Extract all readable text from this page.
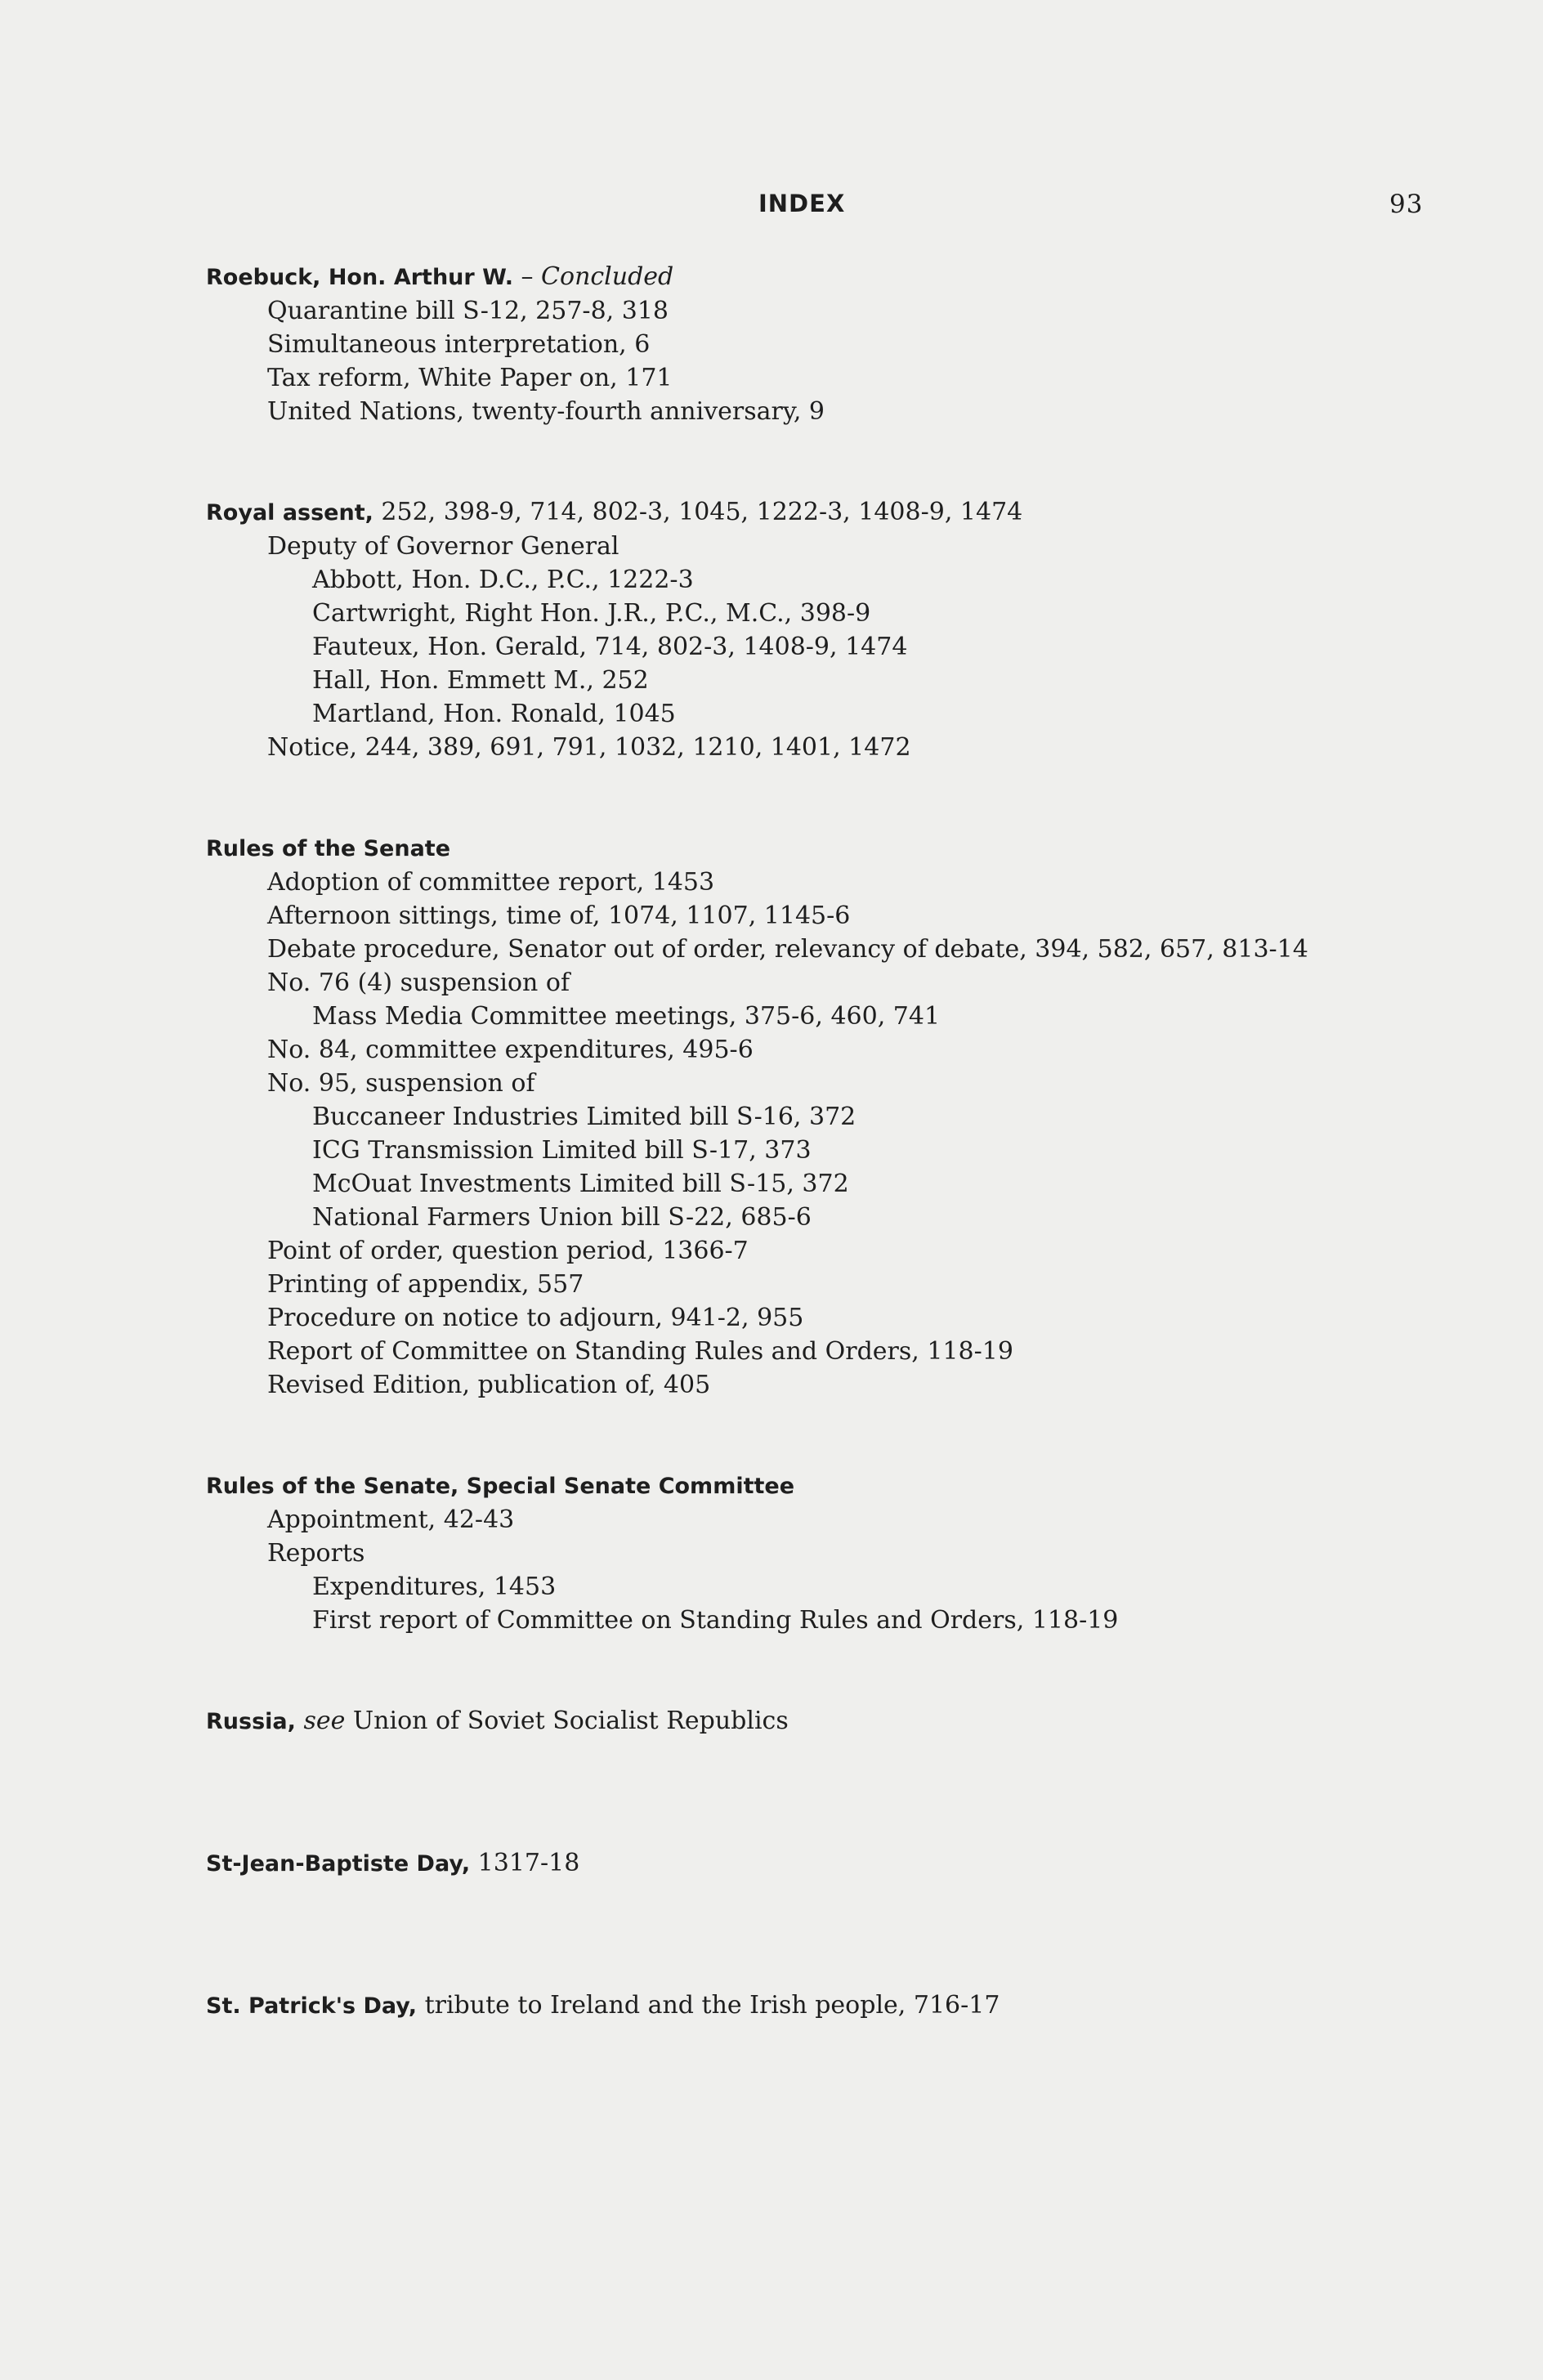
INDEX	93
Roebuck, Hon. Arthur W. – Concluded
Quarantine bill S-12, 257-8, 318
Simultaneous interpretation, 6
Tax reform, White Paper on, 171
United Nations, twenty-fourth anniversary, 9
Royal assent, 252, 398-9, 714, 802-3, 1045, 1222-3, 1408-9, 1474
Deputy of Governor General
Abbott, Hon. D.C., P.C., 1222-3
Cartwright, Right Hon. J.R., P.C., M.C., 398-9
Fauteux, Hon. Gerald, 714, 802-3, 1408-9, 1474
Hall, Hon. Emmett M., 252
Martland, Hon. Ronald, 1045
Notice, 244, 389, 691, 791, 1032, 1210, 1401, 1472
Rules of the Senate
Adoption of committee report, 1453
Afternoon sittings, time of, 1074, 1107, 1145-6
Debate procedure, Senator out of order, relevancy of debate, 394, 582, 657, 813-14
No. 76 (4) suspension of
Mass Media Committee meetings, 375-6, 460, 741
No. 84, committee expenditures, 495-6
No. 95, suspension of
Buccaneer Industries Limited bill S-16, 372
ICG Transmission Limited bill S-17, 373
McOuat Investments Limited bill S-15, 372
National Farmers Union bill S-22, 685-6
Point of order, question period, 1366-7
Printing of appendix, 557
Procedure on notice to adjourn, 941-2, 955
Report of Committee on Standing Rules and Orders, 118-19
Revised Edition, publication of, 405
Rules of the Senate, Special Senate Committee
Appointment, 42-43
Reports
Expenditures, 1453
First report of Committee on Standing Rules and Orders, 118-19
Russia, see Union of Soviet Socialist Republics
St-Jean-Baptiste Day, 1317-18
St. Patrick's Day, tribute to Ireland and the Irish people, 716-17
